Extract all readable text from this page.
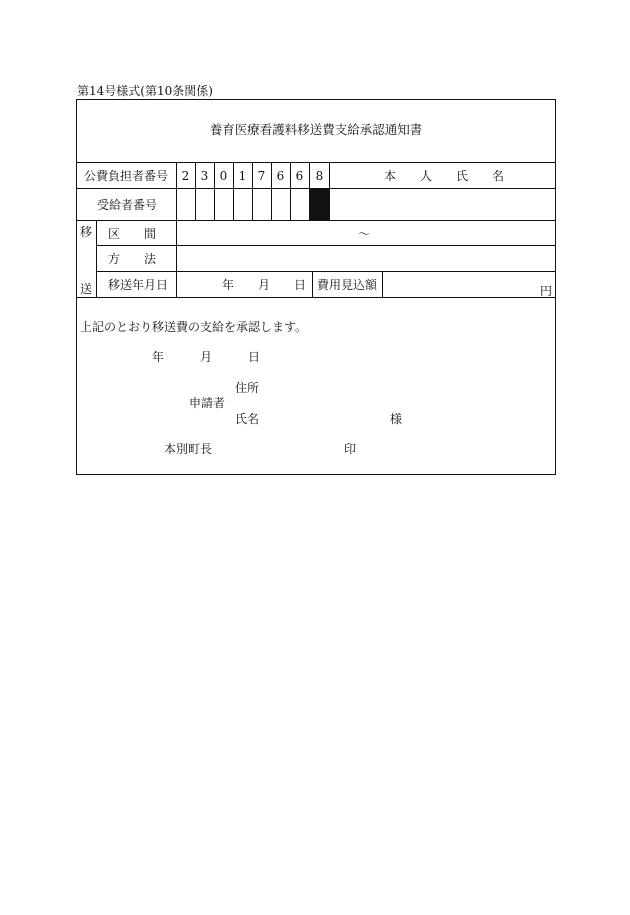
第14号様式(第10条関係)
養育医療看護料移送費支給承認通知書
公費負担者番号	2 3 0 1 7 6 6	8	本　　人　　氏　　名
受給者番号
移
送
区　　間	～
方　　法
移送年月日	年 月 日 費用見込額	円
上記のとおり移送費の支給を承認します。
年	月	日
住所
申請者
氏名	様
本別町長	印
